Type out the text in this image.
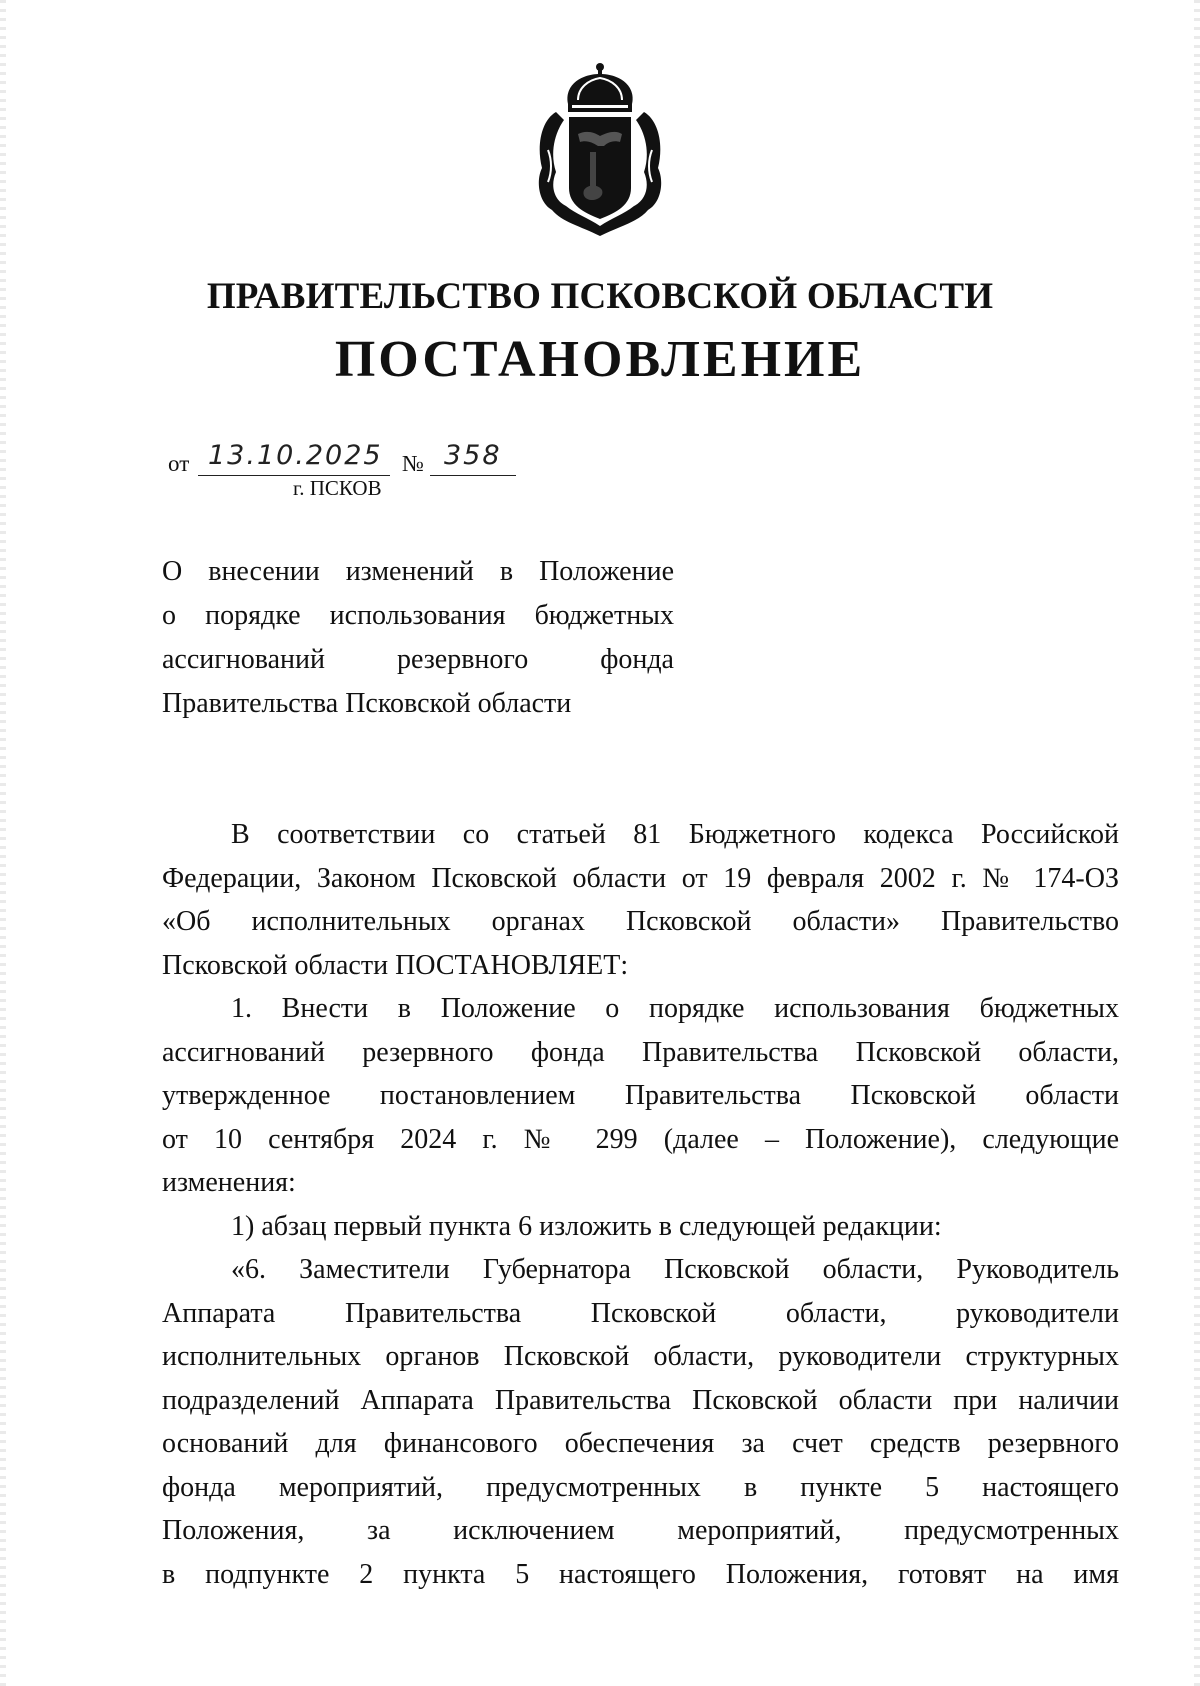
ПРАВИТЕЛЬСТВО ПСКОВСКОЙ ОБЛАСТИ
ПОСТАНОВЛЕНИЕ
от 13.10.2025 № 358
г. ПСКОВ
О внесении изменений в Положение
о порядке использования бюджетных
ассигнований резервного фонда
Правительства Псковской области
В соответствии со статьей 81 Бюджетного кодекса Российской
Федерации, Законом Псковской области от 19 февраля 2002 г. № 174-ОЗ
«Об исполнительных органах Псковской области» Правительство
Псковской области ПОСТАНОВЛЯЕТ:
1. Внести в Положение о порядке использования бюджетных
ассигнований резервного фонда Правительства Псковской области,
утвержденное постановлением Правительства Псковской области
от 10 сентября 2024 г. № 299 (далее – Положение), следующие
изменения:
1) абзац первый пункта 6 изложить в следующей редакции:
«6. Заместители Губернатора Псковской области, Руководитель
Аппарата Правительства Псковской области, руководители
исполнительных органов Псковской области, руководители структурных
подразделений Аппарата Правительства Псковской области при наличии
оснований для финансового обеспечения за счет средств резервного
фонда мероприятий, предусмотренных в пункте 5 настоящего
Положения, за исключением мероприятий, предусмотренных
в подпункте 2 пункта 5 настоящего Положения, готовят на имя
